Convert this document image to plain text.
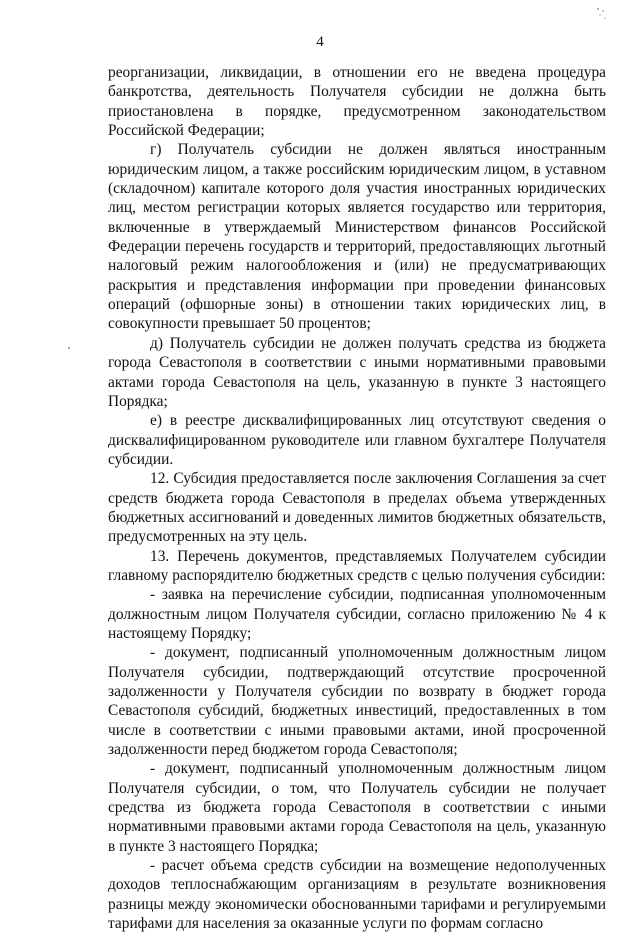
4

реорганизации, ликвидации, в отношении его не введена процедура банкротства, деятельность Получателя субсидии не должна быть приостановлена в порядке, предусмотренном законодательством Российской Федерации;

г) Получатель субсидии не должен являться иностранным юридическим лицом, а также российским юридическим лицом, в уставном (складочном) капитале которого доля участия иностранных юридических лиц, местом регистрации которых является государство или территория, включенные в утверждаемый Министерством финансов Российской Федерации перечень государств и территорий, предоставляющих льготный налоговый режим налогообложения и (или) не предусматривающих раскрытия и представления информации при проведении финансовых операций (офшорные зоны) в отношении таких юридических лиц, в совокупности превышает 50 процентов;

д) Получатель субсидии не должен получать средства из бюджета города Севастополя в соответствии с иными нормативными правовыми актами города Севастополя на цель, указанную в пункте 3 настоящего Порядка;

е) в реестре дисквалифицированных лиц отсутствуют сведения о дисквалифицированном руководителе или главном бухгалтере Получателя субсидии.

12. Субсидия предоставляется после заключения Соглашения за счет средств бюджета города Севастополя в пределах объема утвержденных бюджетных ассигнований и доведенных лимитов бюджетных обязательств, предусмотренных на эту цель.

13. Перечень документов, представляемых Получателем субсидии главному распорядителю бюджетных средств с целью получения субсидии:

- заявка на перечисление субсидии, подписанная уполномоченным должностным лицом Получателя субсидии, согласно приложению № 4 к настоящему Порядку;

- документ, подписанный уполномоченным должностным лицом Получателя субсидии, подтверждающий отсутствие просроченной задолженности у Получателя субсидии по возврату в бюджет города Севастополя субсидий, бюджетных инвестиций, предоставленных в том числе в соответствии с иными правовыми актами, иной просроченной задолженности перед бюджетом города Севастополя;

- документ, подписанный уполномоченным должностным лицом Получателя субсидии, о том, что Получатель субсидии не получает средства из бюджета города Севастополя в соответствии с иными нормативными правовыми актами города Севастополя на цель, указанную в пункте 3 настоящего Порядка;

- расчет объема средств субсидии на возмещение недополученных доходов теплоснабжающим организациям в результате возникновения разницы между экономически обоснованными тарифами и регулируемыми тарифами для населения за оказанные услуги по формам согласно
